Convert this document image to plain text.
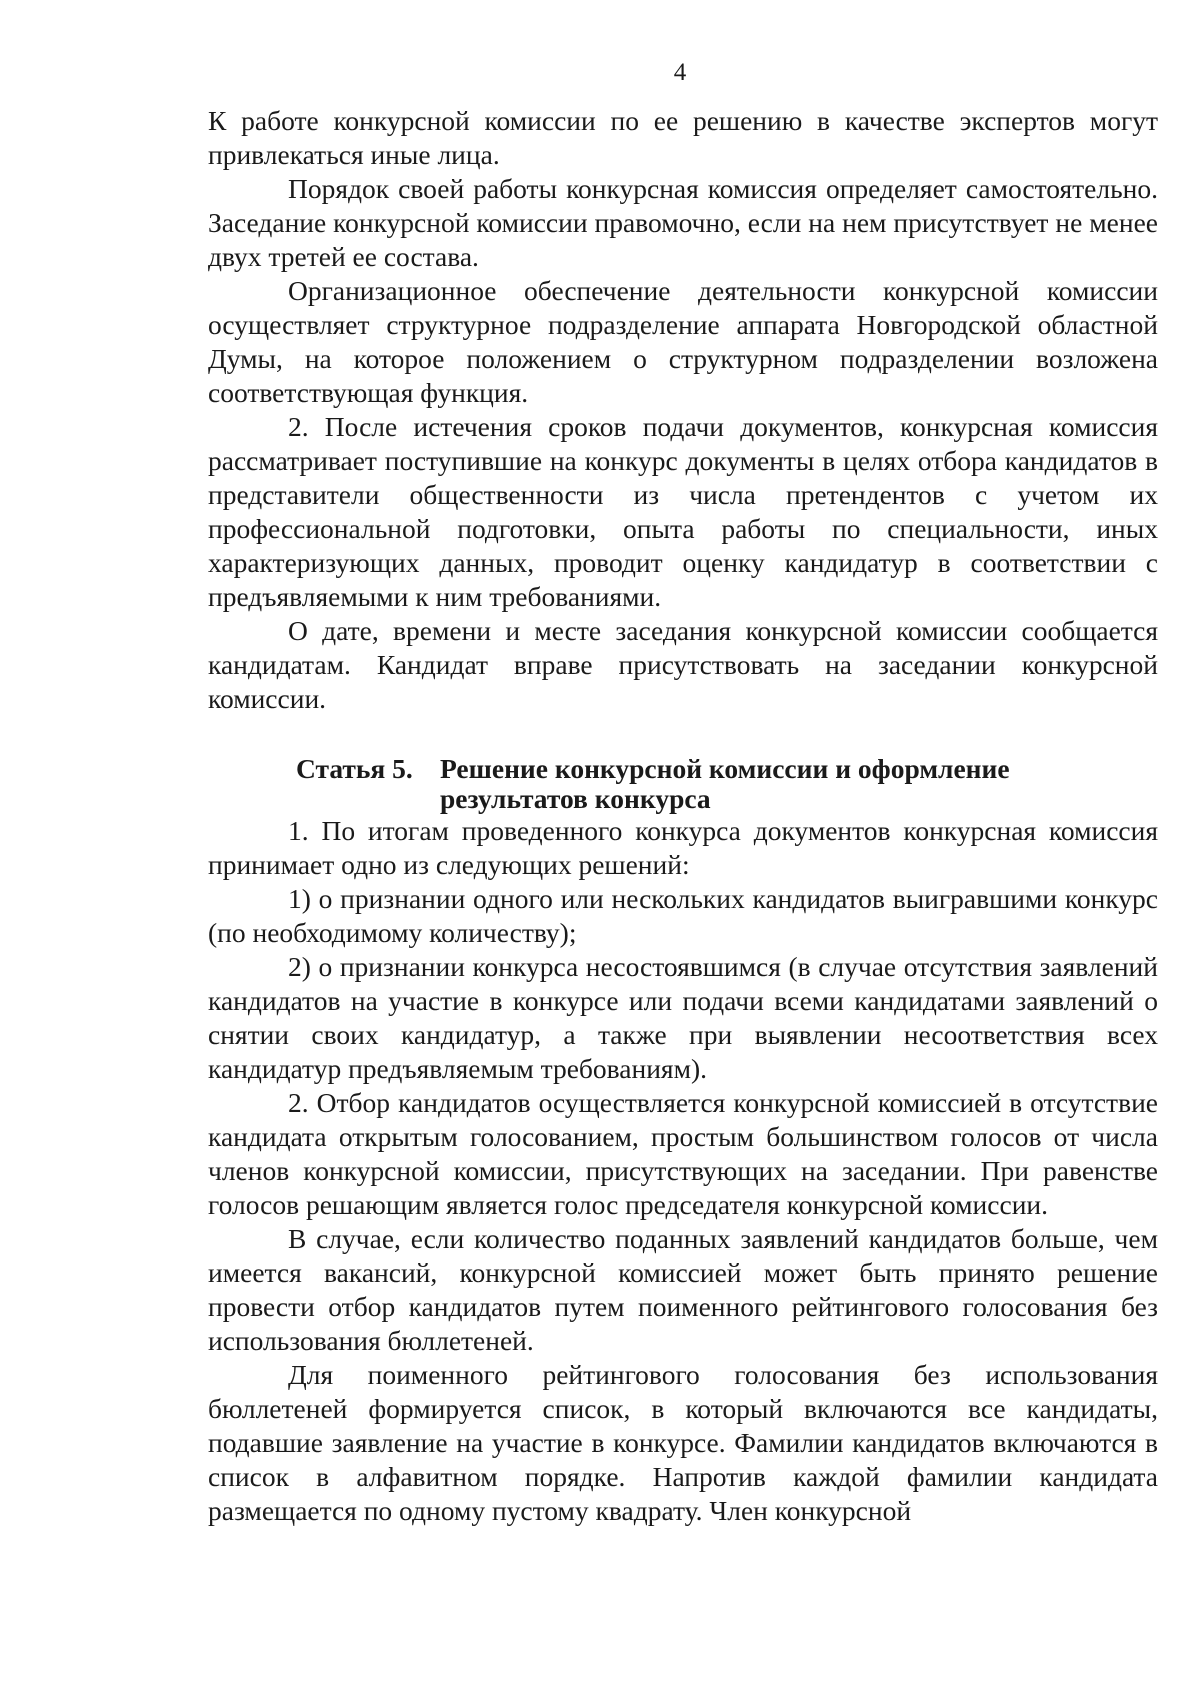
4

К работе конкурсной комиссии по ее решению в качестве экспертов могут привлекаться иные лица.

Порядок своей работы конкурсная комиссия определяет самостоятельно. Заседание конкурсной комиссии правомочно, если на нем присутствует не менее двух третей ее состава.

Организационное обеспечение деятельности конкурсной комиссии осуществляет структурное подразделение аппарата Новгородской областной Думы, на которое положением о структурном подразделении возложена соответствующая функция.

2. После истечения сроков подачи документов, конкурсная комиссия рассматривает поступившие на конкурс документы в целях отбора кандидатов в представители общественности из числа претендентов с учетом их профессиональной подготовки, опыта работы по специальности, иных характеризующих данных, проводит оценку кандидатур в соответствии с предъявляемыми к ним требованиями.

О дате, времени и месте заседания конкурсной комиссии сообщается кандидатам. Кандидат вправе присутствовать на заседании конкурсной комиссии.

Статья 5. Решение конкурсной комиссии и оформление результатов конкурса

1. По итогам проведенного конкурса документов конкурсная комиссия принимает одно из следующих решений:

1) о признании одного или нескольких кандидатов выигравшими конкурс (по необходимому количеству);

2) о признании конкурса несостоявшимся (в случае отсутствия заявлений кандидатов на участие в конкурсе или подачи всеми кандидатами заявлений о снятии своих кандидатур, а также при выявлении несоответствия всех кандидатур предъявляемым требованиям).

2. Отбор кандидатов осуществляется конкурсной комиссией в отсутствие кандидата открытым голосованием, простым большинством голосов от числа членов конкурсной комиссии, присутствующих на заседании. При равенстве голосов решающим является голос председателя конкурсной комиссии.

В случае, если количество поданных заявлений кандидатов больше, чем имеется вакансий, конкурсной комиссией может быть принято решение провести отбор кандидатов путем поименного рейтингового голосования без использования бюллетеней.

Для поименного рейтингового голосования без использования бюллетеней формируется список, в который включаются все кандидаты, подавшие заявление на участие в конкурсе. Фамилии кандидатов включаются в список в алфавитном порядке. Напротив каждой фамилии кандидата размещается по одному пустому квадрату. Член конкурсной
